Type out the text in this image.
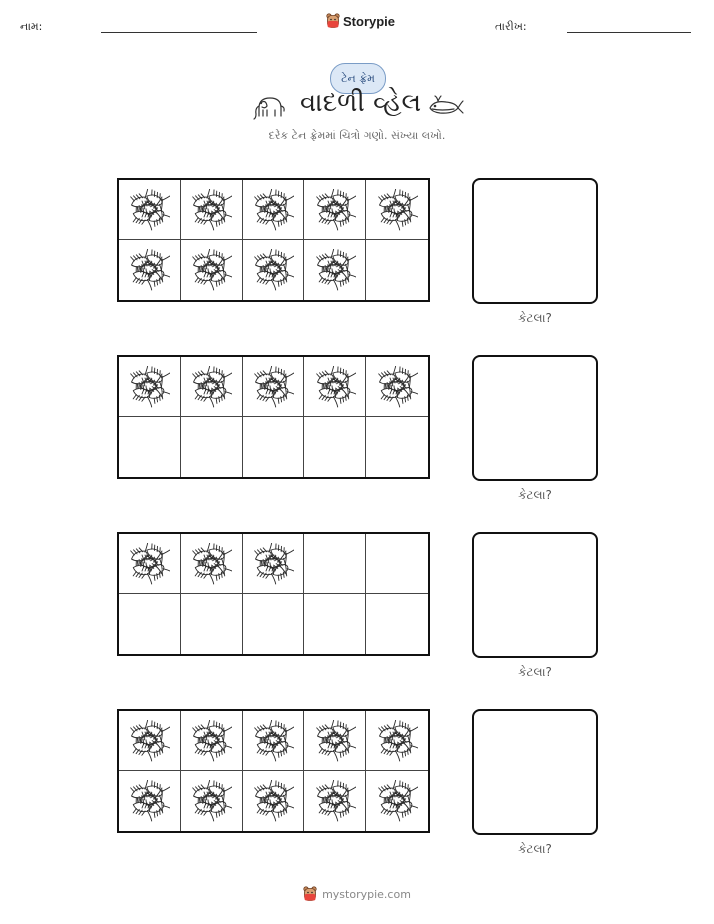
નામ:	Storypie	તારીખ:
ટેન ફ્રેમ
વાદળી વ્હેલ
દરેક ટેન ફ્રેમમાં ચિત્રો ગણો. સંખ્યા લખો.
કેટલા?
કેટલા?
કેટલા?
કેટલા?
mystorypie.com
